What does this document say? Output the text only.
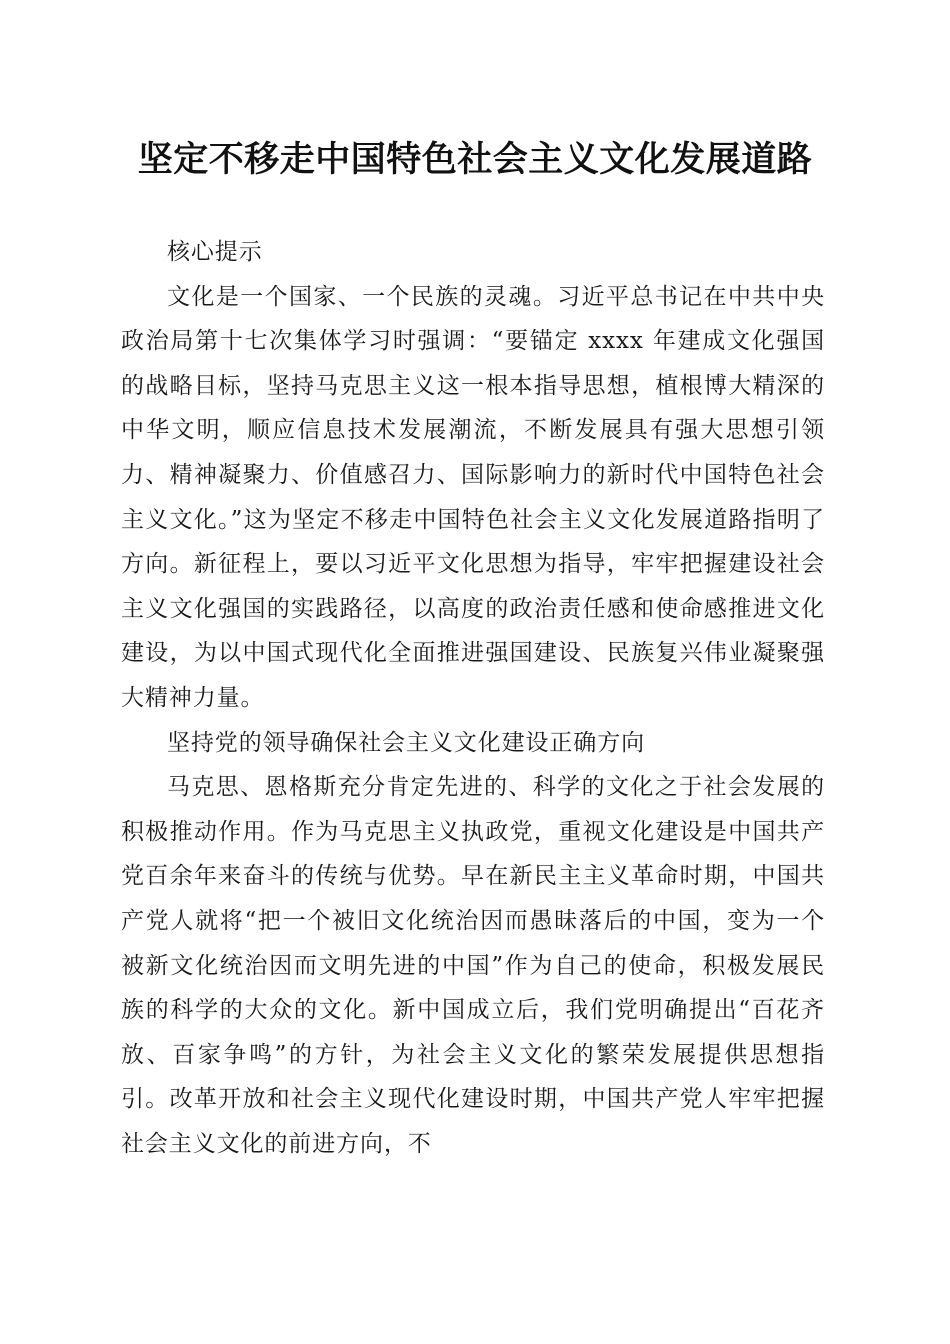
坚定不移走中国特色社会主义文化发展道路

核心提示

文化是一个国家、一个民族的灵魂。习近平总书记在中共中央政治局第十七次集体学习时强调：“要锚定 xxxx 年建成文化强国的战略目标，坚持马克思主义这一根本指导思想，植根博大精深的中华文明，顺应信息技术发展潮流，不断发展具有强大思想引领力、精神凝聚力、价值感召力、国际影响力的新时代中国特色社会主义文化。”这为坚定不移走中国特色社会主义文化发展道路指明了方向。新征程上，要以习近平文化思想为指导，牢牢把握建设社会主义文化强国的实践路径，以高度的政治责任感和使命感推进文化建设，为以中国式现代化全面推进强国建设、民族复兴伟业凝聚强大精神力量。

坚持党的领导确保社会主义文化建设正确方向

马克思、恩格斯充分肯定先进的、科学的文化之于社会发展的积极推动作用。作为马克思主义执政党，重视文化建设是中国共产党百余年来奋斗的传统与优势。早在新民主主义革命时期，中国共产党人就将“把一个被旧文化统治因而愚昧落后的中国，变为一个被新文化统治因而文明先进的中国”作为自己的使命，积极发展民族的科学的大众的文化。新中国成立后，我们党明确提出“百花齐放、百家争鸣”的方针，为社会主义文化的繁荣发展提供思想指引。改革开放和社会主义现代化建设时期，中国共产党人牢牢把握社会主义文化的前进方向，不
